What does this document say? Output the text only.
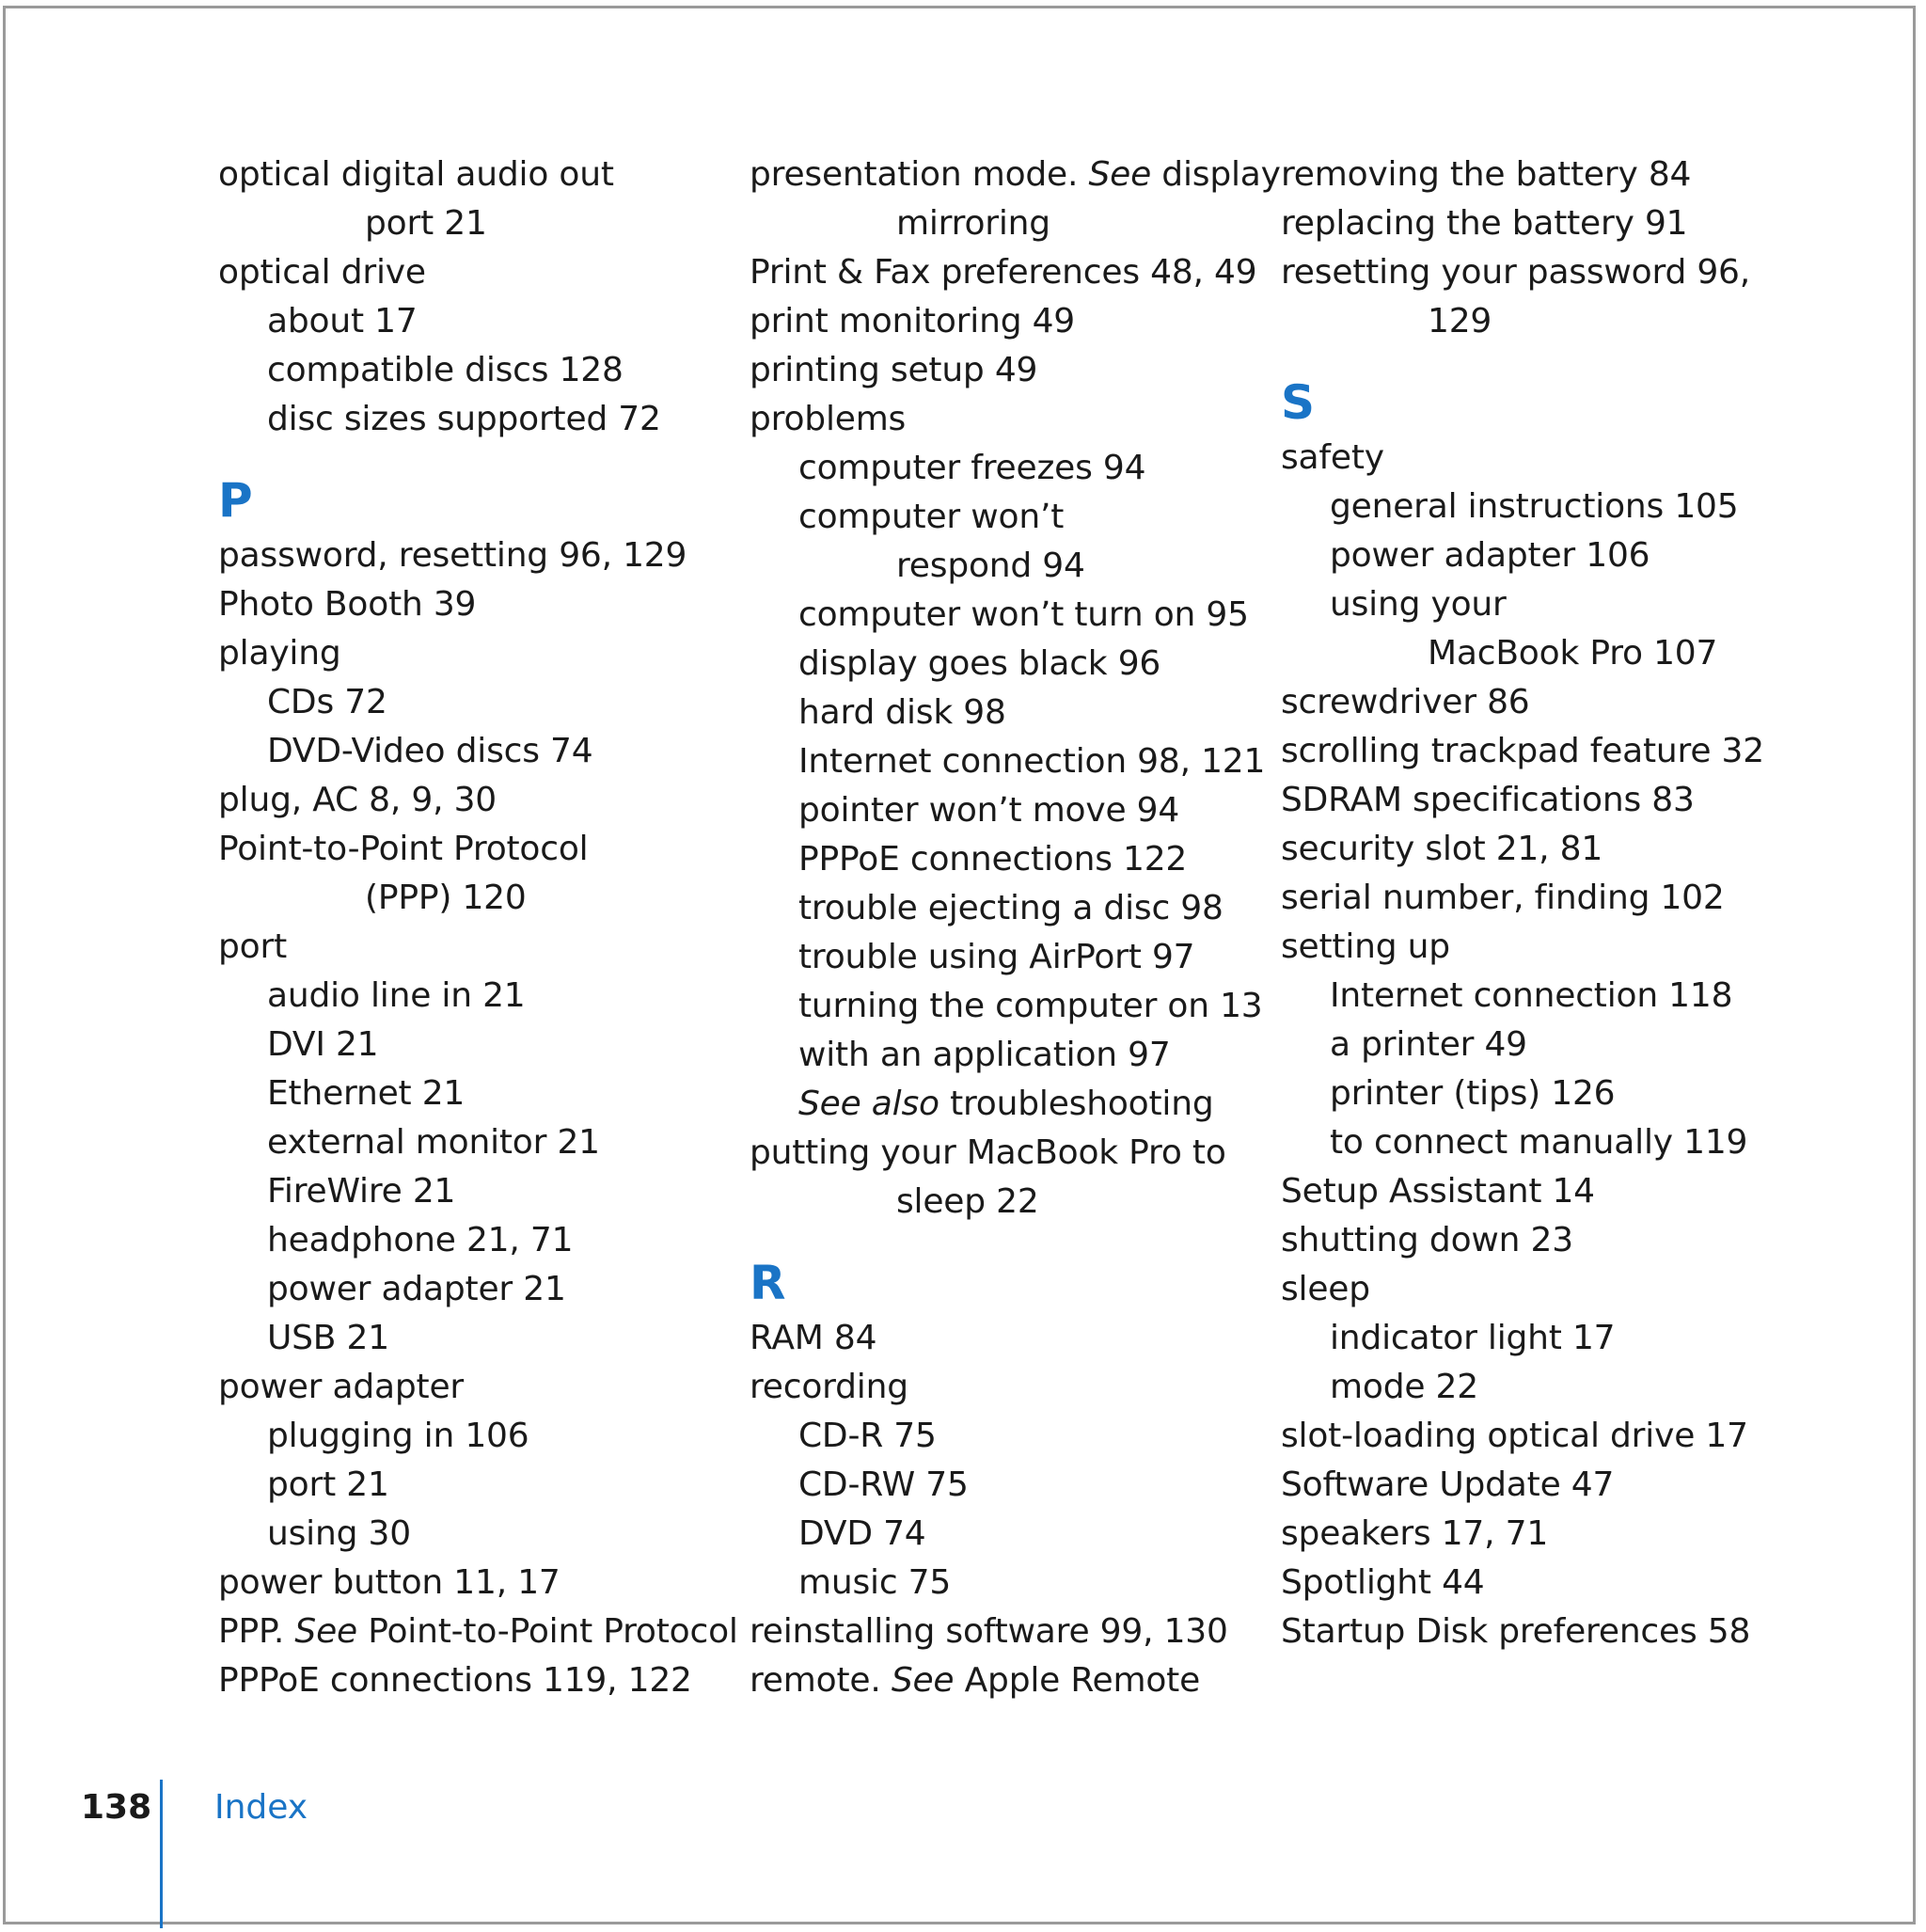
optical digital audio out
port 21
optical drive
about 17
compatible discs 128
disc sizes supported 72
P
password, resetting 96, 129
Photo Booth 39
playing
CDs 72
DVD-Video discs 74
plug, AC 8, 9, 30
Point-to-Point Protocol
(PPP) 120
port
audio line in 21
DVI 21
Ethernet 21
external monitor 21
FireWire 21
headphone 21, 71
power adapter 21
USB 21
power adapter
plugging in 106
port 21
using 30
power button 11, 17
PPP. See Point-to-Point Protocol
PPPoE connections 119, 122
presentation mode. See display
mirroring
Print & Fax preferences 48, 49
print monitoring 49
printing setup 49
problems
computer freezes 94
computer won’t
respond 94
computer won’t turn on 95
display goes black 96
hard disk 98
Internet connection 98, 121
pointer won’t move 94
PPPoE connections 122
trouble ejecting a disc 98
trouble using AirPort 97
turning the computer on 13
with an application 97
See also troubleshooting
putting your MacBook Pro to
sleep 22
R
RAM 84
recording
CD-R 75
CD-RW 75
DVD 74
music 75
reinstalling software 99, 130
remote. See Apple Remote
removing the battery 84
replacing the battery 91
resetting your password 96,
129
S
safety
general instructions 105
power adapter 106
using your
MacBook Pro 107
screwdriver 86
scrolling trackpad feature 32
SDRAM specifications 83
security slot 21, 81
serial number, finding 102
setting up
Internet connection 118
a printer 49
printer (tips) 126
to connect manually 119
Setup Assistant 14
shutting down 23
sleep
indicator light 17
mode 22
slot-loading optical drive 17
Software Update 47
speakers 17, 71
Spotlight 44
Startup Disk preferences 58
138 Index
